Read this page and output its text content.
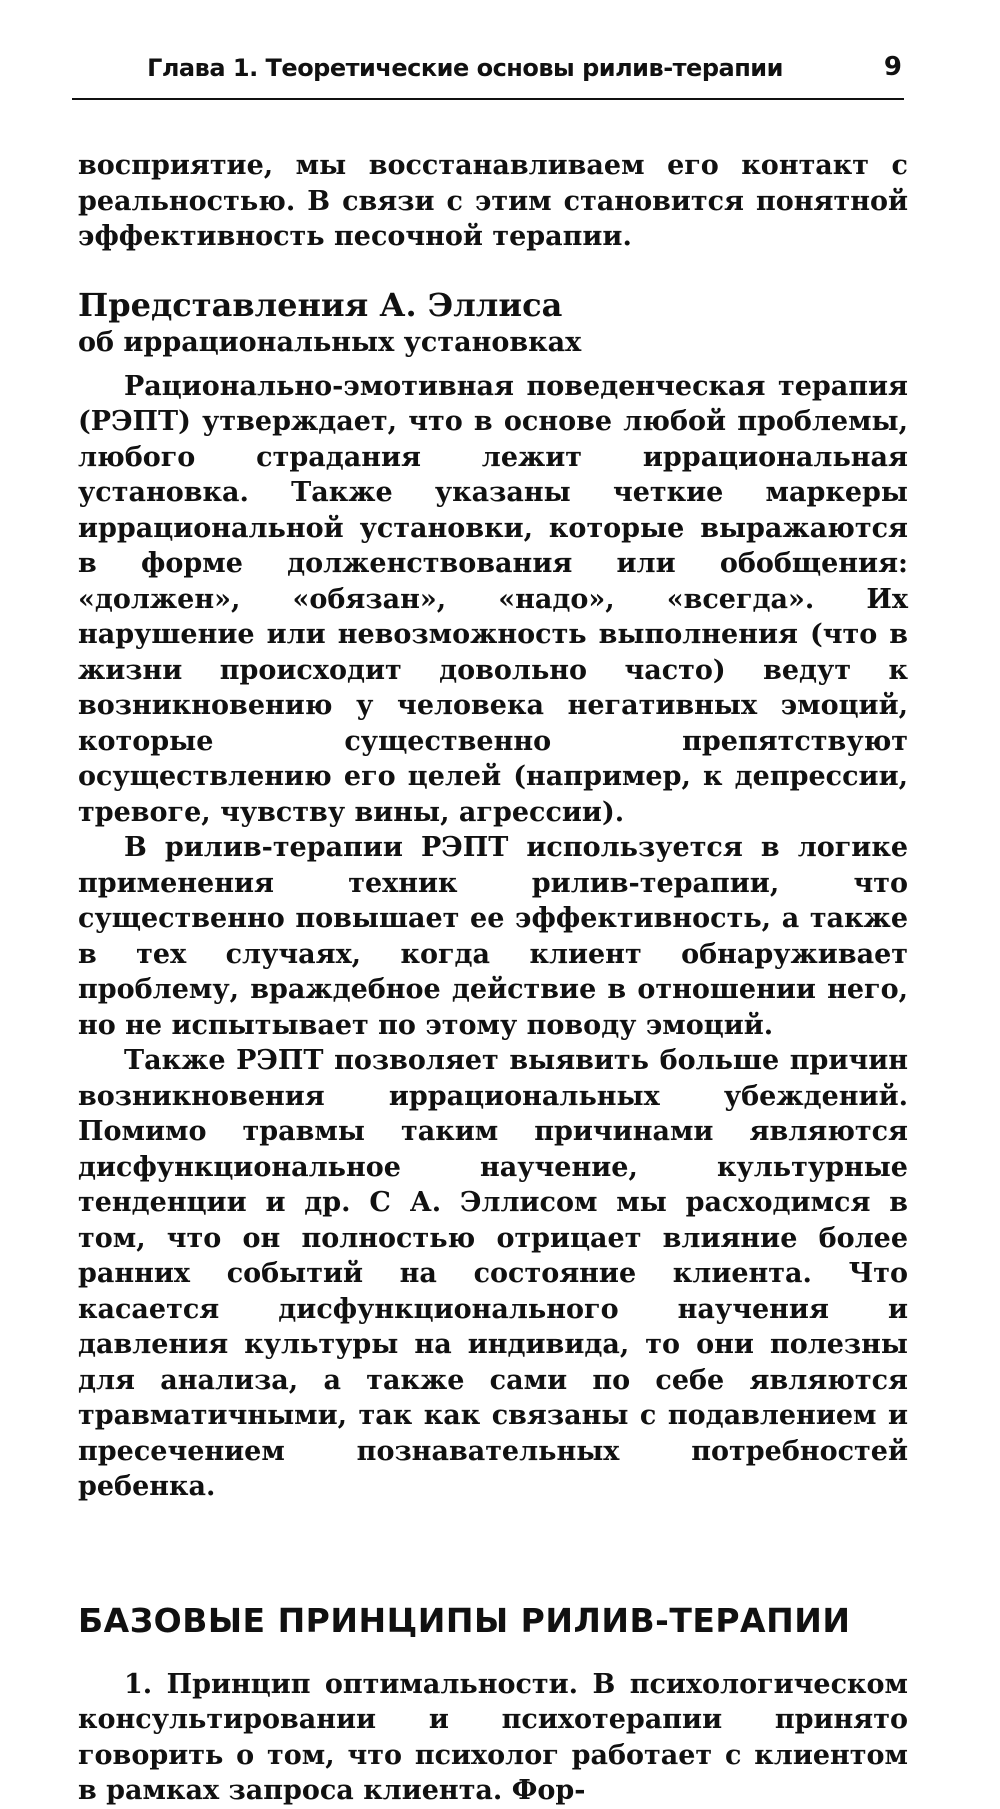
Глава 1. Теоретические основы рилив-терапии	9

восприятие, мы восстанавливаем его контакт с реальностью. В связи с этим становится понятной эффективность песочной терапии.

Представления А. Эллиса
об иррациональных установках

Рационально-эмотивная поведенческая терапия (РЭПТ) утверждает, что в основе любой проблемы, любого страдания лежит иррациональная установка. Также указаны четкие маркеры иррациональной установки, которые выражаются в форме долженствования или обобщения: «должен», «обязан», «надо», «всегда». Их нарушение или невозможность выполнения (что в жизни происходит довольно часто) ведут к возникновению у человека негативных эмоций, которые существенно препятствуют осуществлению его целей (например, к депрессии, тревоге, чувству вины, агрессии).

В рилив-терапии РЭПТ используется в логике применения техник рилив-терапии, что существенно повышает ее эффективность, а также в тех случаях, когда клиент обнаруживает проблему, враждебное действие в отношении него, но не испытывает по этому поводу эмоций.

Также РЭПТ позволяет выявить больше причин возникновения иррациональных убеждений. Помимо травмы таким причинами являются дисфункциональное научение, культурные тенденции и др. С А. Эллисом мы расходимся в том, что он полностью отрицает влияние более ранних событий на состояние клиента. Что касается дисфункционального научения и давления культуры на индивида, то они полезны для анализа, а также сами по себе являются травматичными, так как связаны с подавлением и пресечением познавательных потребностей ребенка.

БАЗОВЫЕ ПРИНЦИПЫ РИЛИВ-ТЕРАПИИ

1. Принцип оптимальности. В психологическом консультировании и психотерапии принято говорить о том, что психолог работает с клиентом в рамках запроса клиента. Фор-
